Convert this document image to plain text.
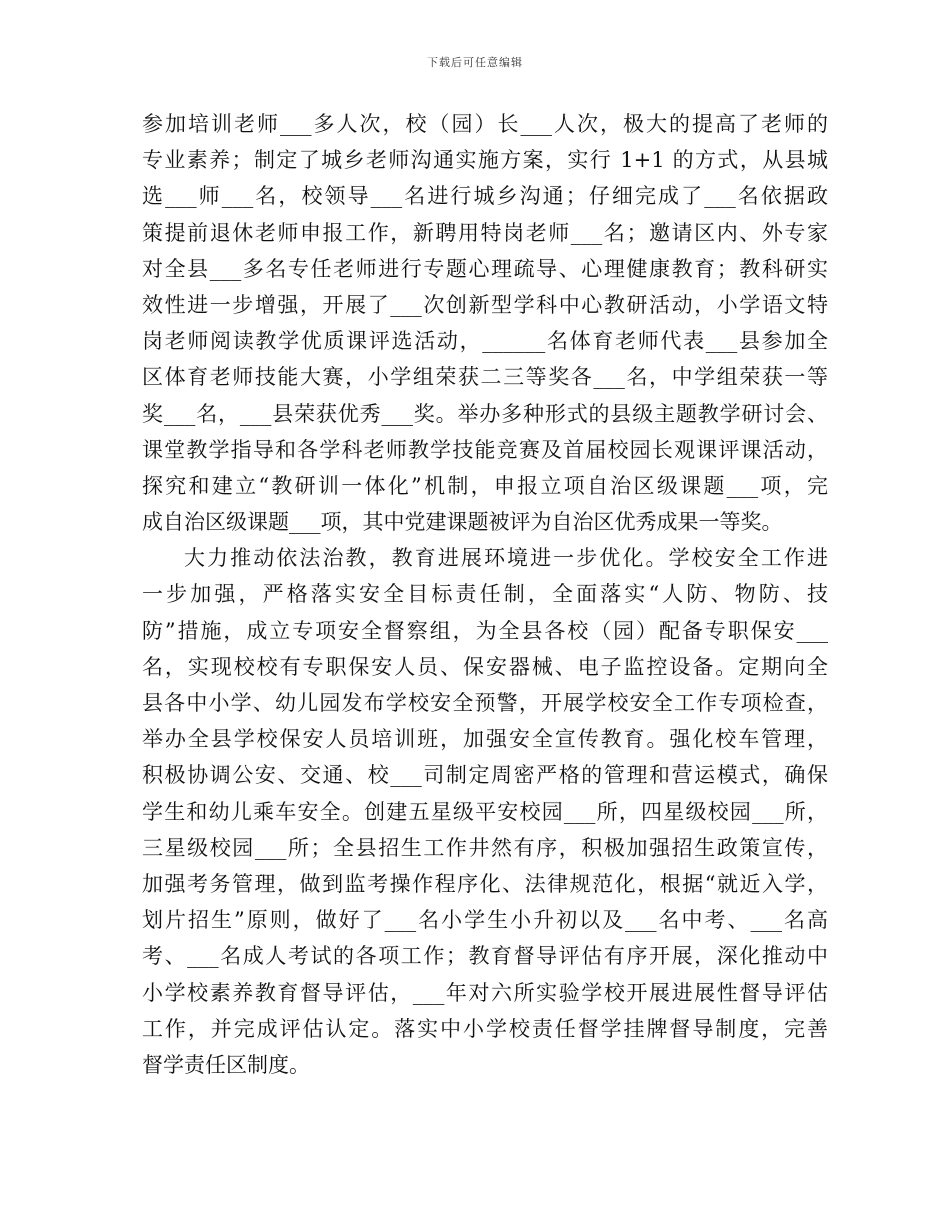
下载后可任意编辑
参加培训老师___多人次，校（园）长___人次，极大的提高了老师的
专业素养；制定了城乡老师沟通实施方案，实行 1+1 的方式，从县城
选___师___名，校领导___名进行城乡沟通；仔细完成了___名依据政
策提前退休老师申报工作，新聘用特岗老师___名；邀请区内、外专家
对全县___多名专任老师进行专题心理疏导、心理健康教育；教科研实
效性进一步增强，开展了___次创新型学科中心教研活动，小学语文特
岗老师阅读教学优质课评选活动，______名体育老师代表___县参加全
区体育老师技能大赛，小学组荣获二三等奖各___名，中学组荣获一等
奖___名，___县荣获优秀___奖。举办多种形式的县级主题教学研讨会、
课堂教学指导和各学科老师教学技能竞赛及首届校园长观课评课活动，
探究和建立“教研训一体化”机制，申报立项自治区级课题___项，完
成自治区级课题___项，其中党建课题被评为自治区优秀成果一等奖。
大力推动依法治教，教育进展环境进一步优化。学校安全工作进
一步加强，严格落实安全目标责任制，全面落实“人防、物防、技
防”措施，成立专项安全督察组，为全县各校（园）配备专职保安___
名，实现校校有专职保安人员、保安器械、电子监控设备。定期向全
县各中小学、幼儿园发布学校安全预警，开展学校安全工作专项检查，
举办全县学校保安人员培训班，加强安全宣传教育。强化校车管理，
积极协调公安、交通、校___司制定周密严格的管理和营运模式，确保
学生和幼儿乘车安全。创建五星级平安校园___所，四星级校园___所，
三星级校园___所；全县招生工作井然有序，积极加强招生政策宣传，
加强考务管理，做到监考操作程序化、法律规范化，根据“就近入学，
划片招生”原则，做好了___名小学生小升初以及___名中考、___名高
考、___名成人考试的各项工作；教育督导评估有序开展，深化推动中
小学校素养教育督导评估，___年对六所实验学校开展进展性督导评估
工作，并完成评估认定。落实中小学校责任督学挂牌督导制度，完善
督学责任区制度。
